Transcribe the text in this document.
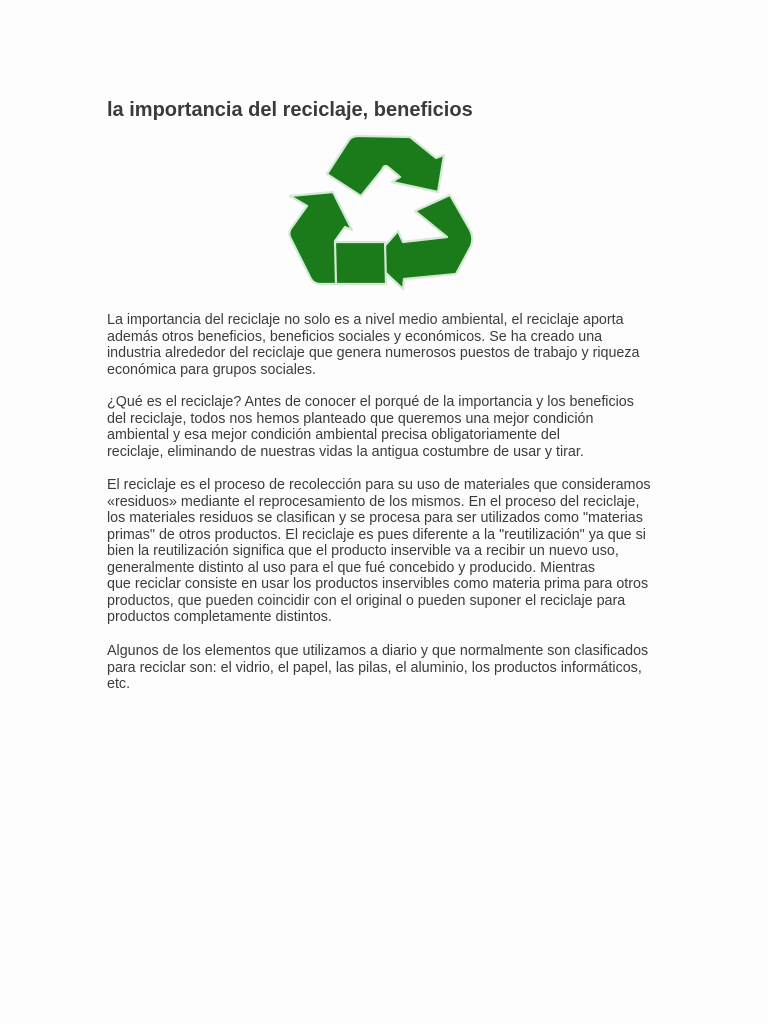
la importancia del reciclaje, beneficios

La importancia del reciclaje no solo es a nivel medio ambiental, el reciclaje aporta
además otros beneficios, beneficios sociales y económicos. Se ha creado una
industria alrededor del reciclaje que genera numerosos puestos de trabajo y riqueza
económica para grupos sociales.

¿Qué es el reciclaje? Antes de conocer el porqué de la importancia y los beneficios
del reciclaje, todos nos hemos planteado que queremos una mejor condición
ambiental y esa mejor condición ambiental precisa obligatoriamente del
reciclaje, eliminando de nuestras vidas la antigua costumbre de usar y tirar.

El reciclaje es el proceso de recolección para su uso de materiales que consideramos
«residuos» mediante el reprocesamiento de los mismos. En el proceso del reciclaje,
los materiales residuos se clasifican y se procesa para ser utilizados como "materias
primas" de otros productos. El reciclaje es pues diferente a la "reutilización" ya que si
bien la reutilización significa que el producto inservible va a recibir un nuevo uso,
generalmente distinto al uso para el que fué concebido y producido. Mientras
que reciclar consiste en usar los productos inservibles como materia prima para otros
productos, que pueden coincidir con el original o pueden suponer el reciclaje para
productos completamente distintos.

Algunos de los elementos que utilizamos a diario y que normalmente son clasificados
para reciclar son: el vidrio, el papel, las pilas, el aluminio, los productos informáticos,
etc.
